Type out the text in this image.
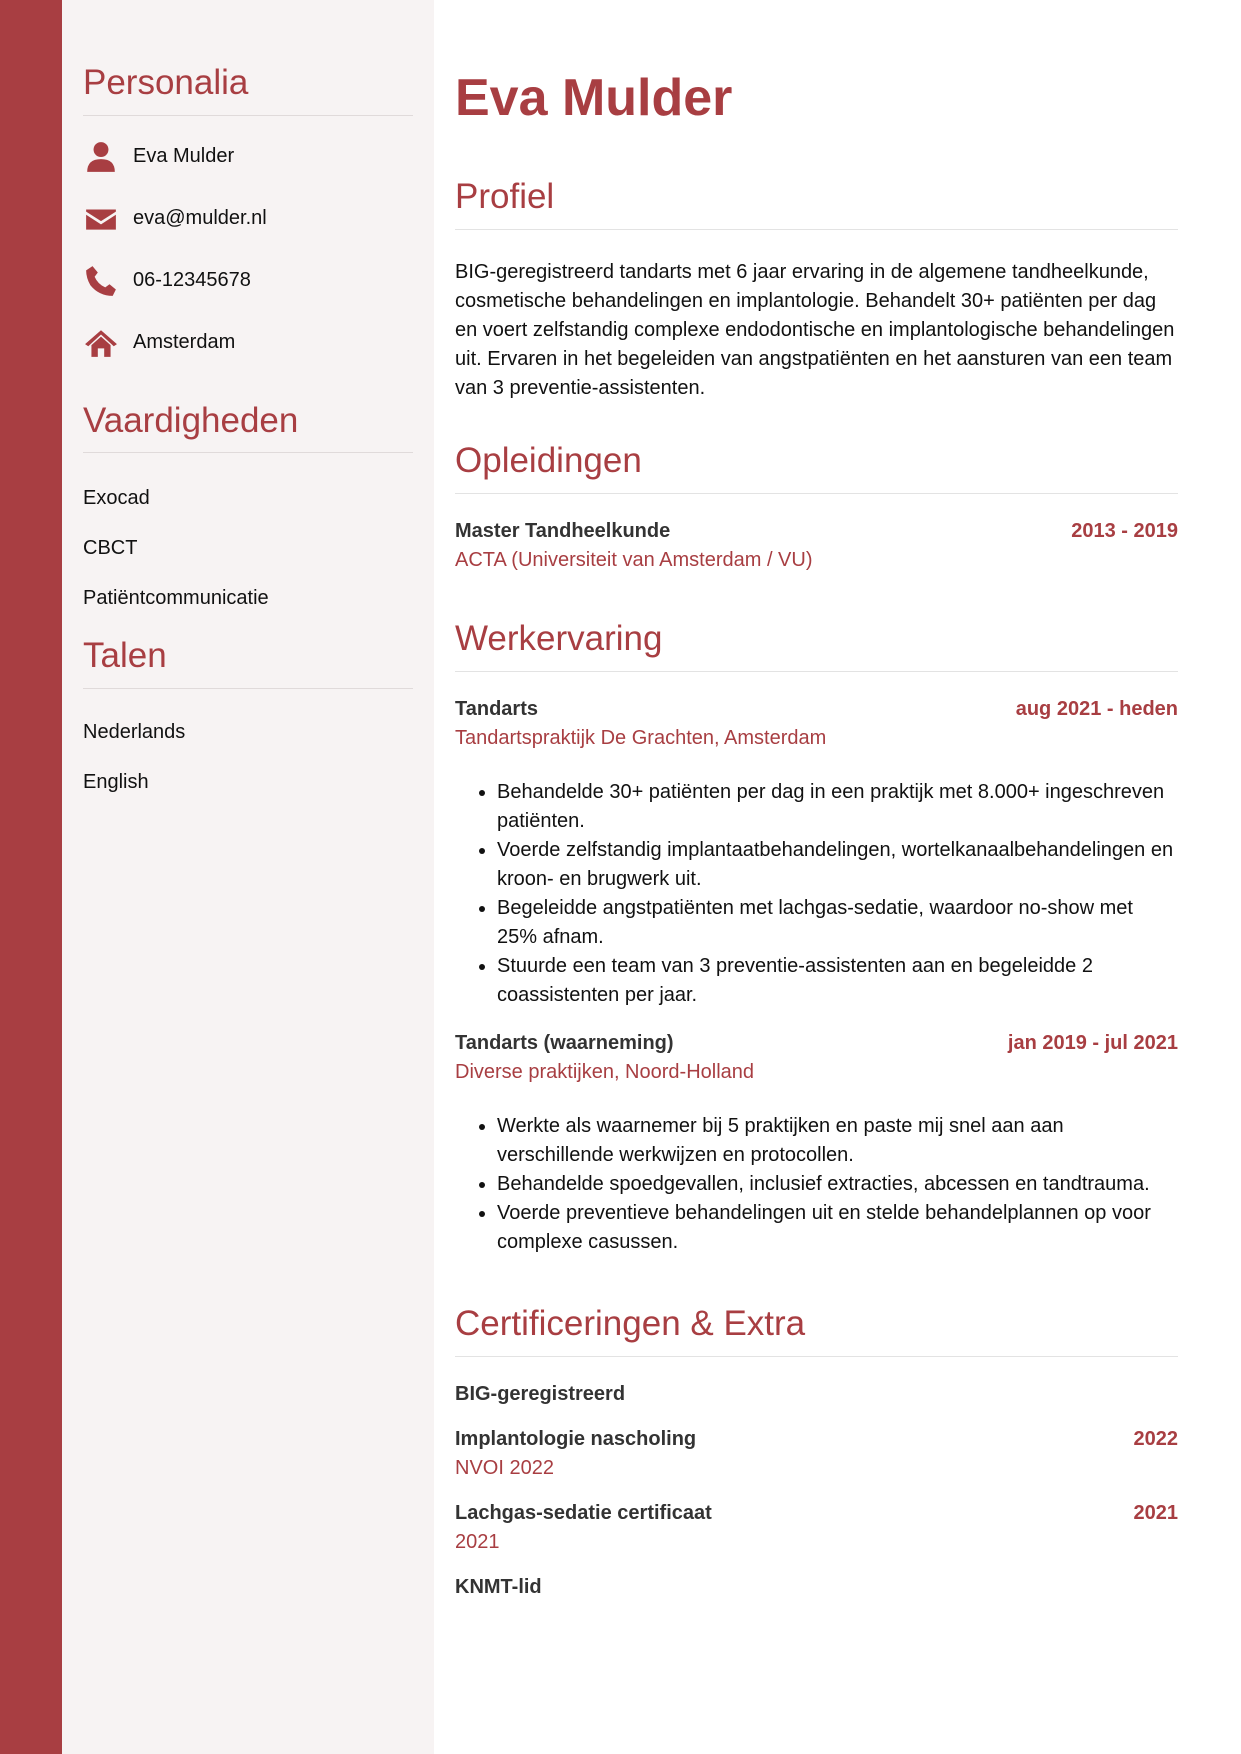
Personalia
Eva Mulder
eva@mulder.nl
06-12345678
Amsterdam
Vaardigheden
Exocad
CBCT
Patiëntcommunicatie
Talen
Nederlands
English
Eva Mulder
Profiel

BIG-geregistreerd tandarts met 6 jaar ervaring in de algemene tandheelkunde, cosmetische behandelingen en implantologie. Behandelt 30+ patiënten per dag en voert zelfstandig complexe endodontische en implantologische behandelingen uit. Ervaren in het begeleiden van angstpatiënten en het aansturen van een team van 3 preventie-assistenten.

Opleidingen
Master Tandheelkunde	2013 - 2019
ACTA (Universiteit van Amsterdam / VU)
Werkervaring
Tandarts	aug 2021 - heden
Tandartspraktijk De Grachten, Amsterdam
• Behandelde 30+ patiënten per dag in een praktijk met 8.000+ ingeschreven patiënten.
• Voerde zelfstandig implantaatbehandelingen, wortelkanaalbehandelingen en kroon- en brugwerk uit.
• Begeleidde angstpatiënten met lachgas-sedatie, waardoor no-show met 25% afnam.
• Stuurde een team van 3 preventie-assistenten aan en begeleidde 2 coassistenten per jaar.
Tandarts (waarneming)	jan 2019 - jul 2021
Diverse praktijken, Noord-Holland
• Werkte als waarnemer bij 5 praktijken en paste mij snel aan aan verschillende werkwijzen en protocollen.
• Behandelde spoedgevallen, inclusief extracties, abcessen en tandtrauma.
• Voerde preventieve behandelingen uit en stelde behandelplannen op voor complexe casussen.
Certificeringen & Extra
BIG-geregistreerd
Implantologie nascholing	2022
NVOI 2022
Lachgas-sedatie certificaat	2021
2021
KNMT-lid
